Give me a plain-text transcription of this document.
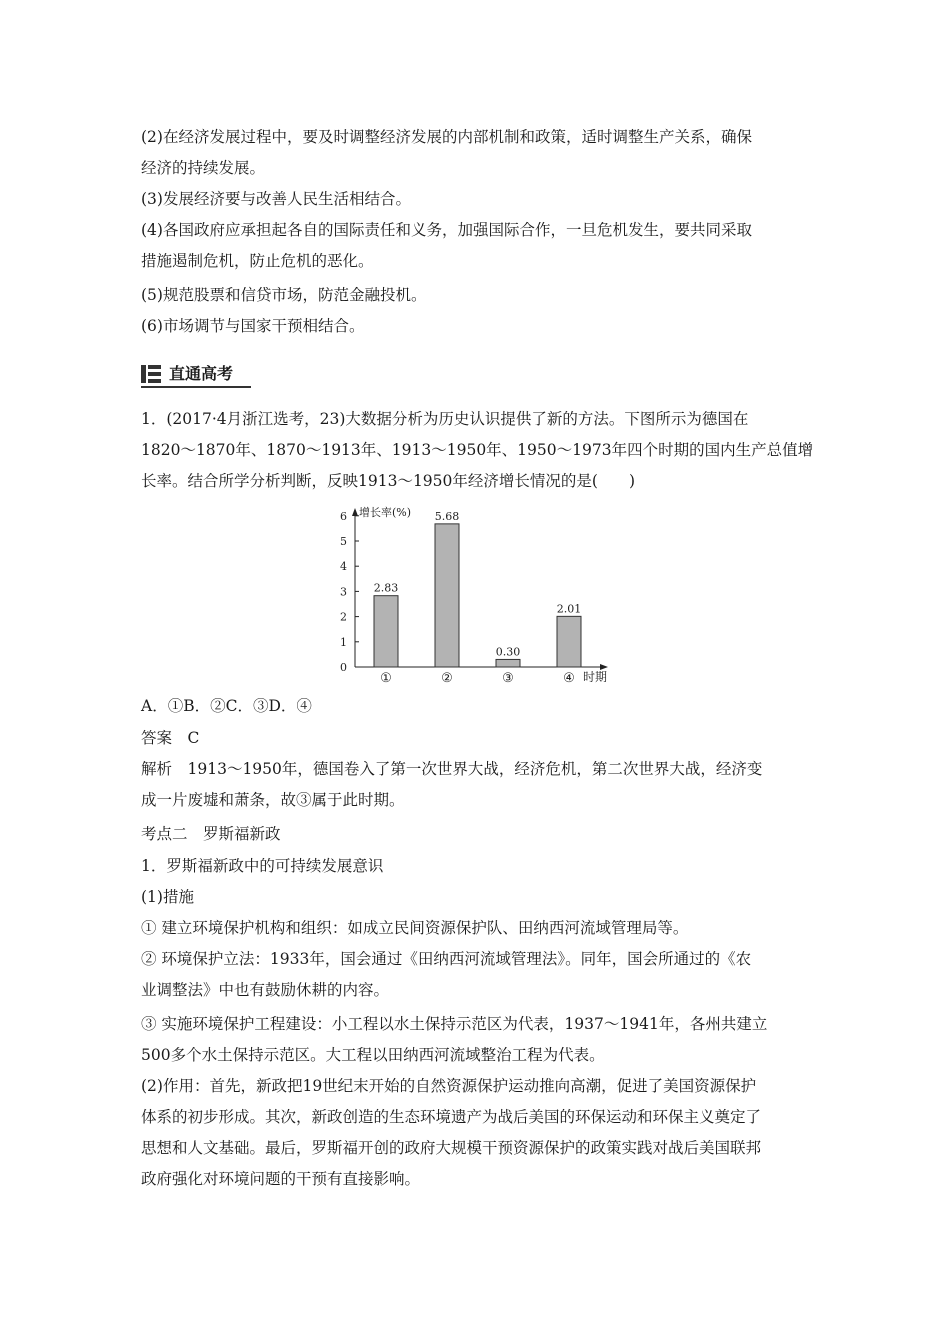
(2)在经济发展过程中，要及时调整经济发展的内部机制和政策，适时调整生产关系，确保
经济的持续发展。
(3)发展经济要与改善人民生活相结合。
(4)各国政府应承担起各自的国际责任和义务，加强国际合作，一旦危机发生，要共同采取
措施遏制危机，防止危机的恶化。
(5)规范股票和信贷市场，防范金融投机。
(6)市场调节与国家干预相结合。
直通高考
1．(2017·4月浙江选考，23)大数据分析为历史认识提供了新的方法。下图所示为德国在
1820～1870年、1870～1913年、1913～1950年、1950～1973年四个时期的国内生产总值增
长率。结合所学分析判断，反映1913～1950年经济增长情况的是(　　)
0
1
2
3
4
5
6 增长率(%)
2.83
①
5.68
②
0.30
③
2.01
④ 时期
A．①B．②C．③D．④
答案　C
解析　1913～1950年，德国卷入了第一次世界大战，经济危机，第二次世界大战，经济变
成一片废墟和萧条，故③属于此时期。
考点二　罗斯福新政
1．罗斯福新政中的可持续发展意识
(1)措施
① 建立环境保护机构和组织：如成立民间资源保护队、田纳西河流域管理局等。
② 环境保护立法：1933年，国会通过《田纳西河流域管理法》。同年，国会所通过的《农
业调整法》中也有鼓励休耕的内容。
③ 实施环境保护工程建设：小工程以水土保持示范区为代表，1937～1941年，各州共建立
500多个水土保持示范区。大工程以田纳西河流域整治工程为代表。
(2)作用：首先，新政把19世纪末开始的自然资源保护运动推向高潮，促进了美国资源保护
体系的初步形成。其次，新政创造的生态环境遗产为战后美国的环保运动和环保主义奠定了
思想和人文基础。最后，罗斯福开创的政府大规模干预资源保护的政策实践对战后美国联邦
政府强化对环境问题的干预有直接影响。
